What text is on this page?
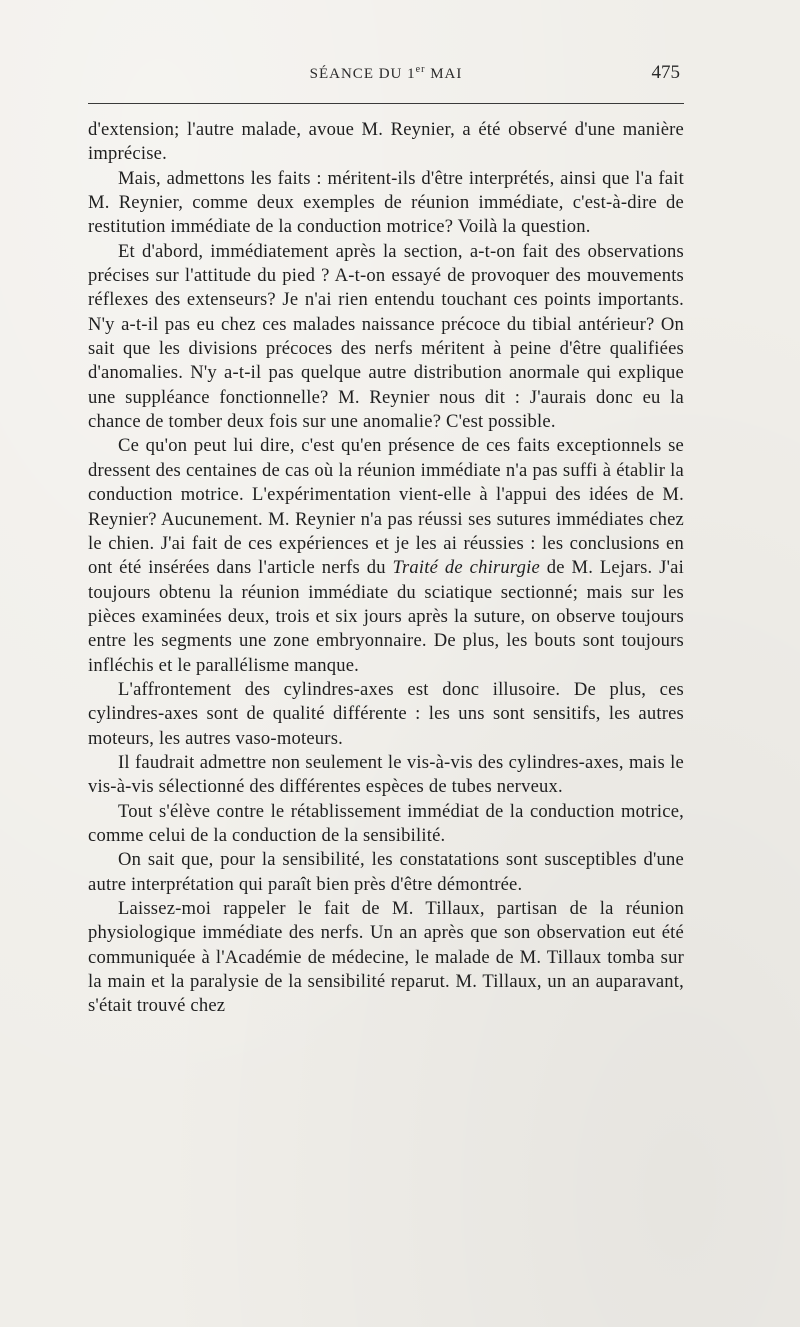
SÉANCE DU 1er MAI	475

d'extension; l'autre malade, avoue M. Reynier, a été observé d'une manière imprécise.

Mais, admettons les faits : méritent-ils d'être interprétés, ainsi que l'a fait M. Reynier, comme deux exemples de réunion immédiate, c'est-à-dire de restitution immédiate de la conduction motrice? Voilà la question.

Et d'abord, immédiatement après la section, a-t-on fait des observations précises sur l'attitude du pied ? A-t-on essayé de provoquer des mouvements réflexes des extenseurs? Je n'ai rien entendu touchant ces points importants. N'y a-t-il pas eu chez ces malades naissance précoce du tibial antérieur? On sait que les divisions précoces des nerfs méritent à peine d'être qualifiées d'anomalies. N'y a-t-il pas quelque autre distribution anormale qui explique une suppléance fonctionnelle? M. Reynier nous dit : J'aurais donc eu la chance de tomber deux fois sur une anomalie? C'est possible.

Ce qu'on peut lui dire, c'est qu'en présence de ces faits exceptionnels se dressent des centaines de cas où la réunion immédiate n'a pas suffi à établir la conduction motrice. L'expérimentation vient-elle à l'appui des idées de M. Reynier? Aucunement. M. Reynier n'a pas réussi ses sutures immédiates chez le chien. J'ai fait de ces expériences et je les ai réussies : les conclusions en ont été insérées dans l'article nerfs du Traité de chirurgie de M. Lejars. J'ai toujours obtenu la réunion immédiate du sciatique sectionné; mais sur les pièces examinées deux, trois et six jours après la suture, on observe toujours entre les segments une zone embryonnaire. De plus, les bouts sont toujours infléchis et le parallélisme manque.

L'affrontement des cylindres-axes est donc illusoire. De plus, ces cylindres-axes sont de qualité différente : les uns sont sensitifs, les autres moteurs, les autres vaso-moteurs.

Il faudrait admettre non seulement le vis-à-vis des cylindres-axes, mais le vis-à-vis sélectionné des différentes espèces de tubes nerveux.

Tout s'élève contre le rétablissement immédiat de la conduction motrice, comme celui de la conduction de la sensibilité.

On sait que, pour la sensibilité, les constatations sont susceptibles d'une autre interprétation qui paraît bien près d'être démontrée.

Laissez-moi rappeler le fait de M. Tillaux, partisan de la réunion physiologique immédiate des nerfs. Un an après que son observation eut été communiquée à l'Académie de médecine, le malade de M. Tillaux tomba sur la main et la paralysie de la sensibilité reparut. M. Tillaux, un an auparavant, s'était trouvé chez
